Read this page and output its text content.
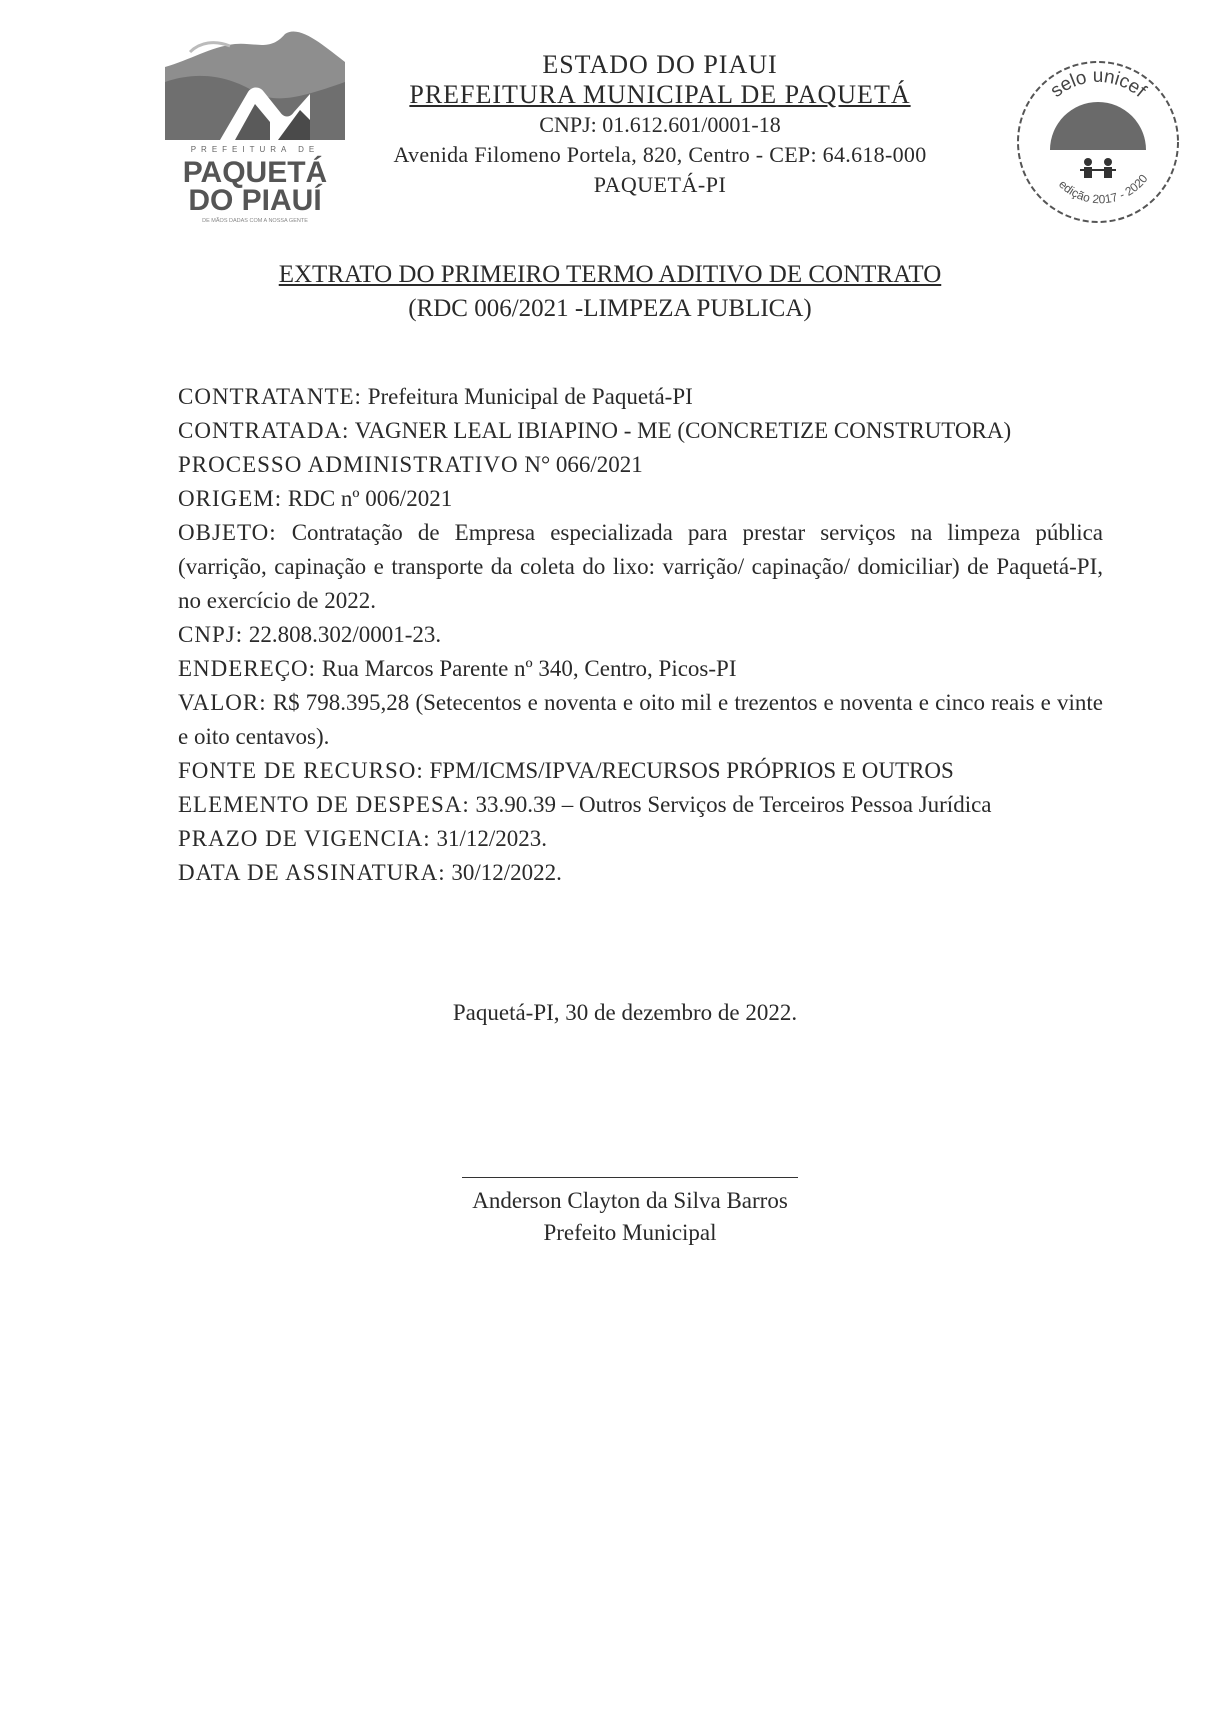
PREFEITURA DE
PAQUETÁ
DO PIAUÍ
DE MÃOS DADAS COM A NOSSA GENTE
ESTADO DO PIAUI
PREFEITURA MUNICIPAL DE PAQUETÁ
CNPJ: 01.612.601/0001-18
Avenida Filomeno Portela, 820, Centro - CEP: 64.618-000
PAQUETÁ-PI
selo unicef
edição 2017 - 2020
EXTRATO DO PRIMEIRO TERMO ADITIVO DE CONTRATO
(RDC 006/2021 -LIMPEZA PUBLICA)

CONTRATANTE: Prefeitura Municipal de Paquetá-PI

CONTRATADA: VAGNER LEAL IBIAPINO - ME (CONCRETIZE CONSTRUTORA)

PROCESSO ADMINISTRATIVO N° 066/2021

ORIGEM: RDC nº 006/2021

OBJETO: Contratação de Empresa especializada para prestar serviços na limpeza pública (varrição, capinação e transporte da coleta do lixo: varrição/ capinação/ domiciliar) de Paquetá-PI, no exercício de 2022.

CNPJ: 22.808.302/0001-23.

ENDEREÇO: Rua Marcos Parente nº 340, Centro, Picos-PI

VALOR: R$ 798.395,28 (Setecentos e noventa e oito mil e trezentos e noventa e cinco reais e vinte e oito centavos).

FONTE DE RECURSO: FPM/ICMS/IPVA/RECURSOS PRÓPRIOS E OUTROS

ELEMENTO DE DESPESA: 33.90.39 – Outros Serviços de Terceiros Pessoa Jurídica

PRAZO DE VIGENCIA: 31/12/2023.

DATA DE ASSINATURA: 30/12/2022.

Paquetá-PI, 30 de dezembro de 2022.
Anderson Clayton da Silva Barros
Prefeito Municipal
